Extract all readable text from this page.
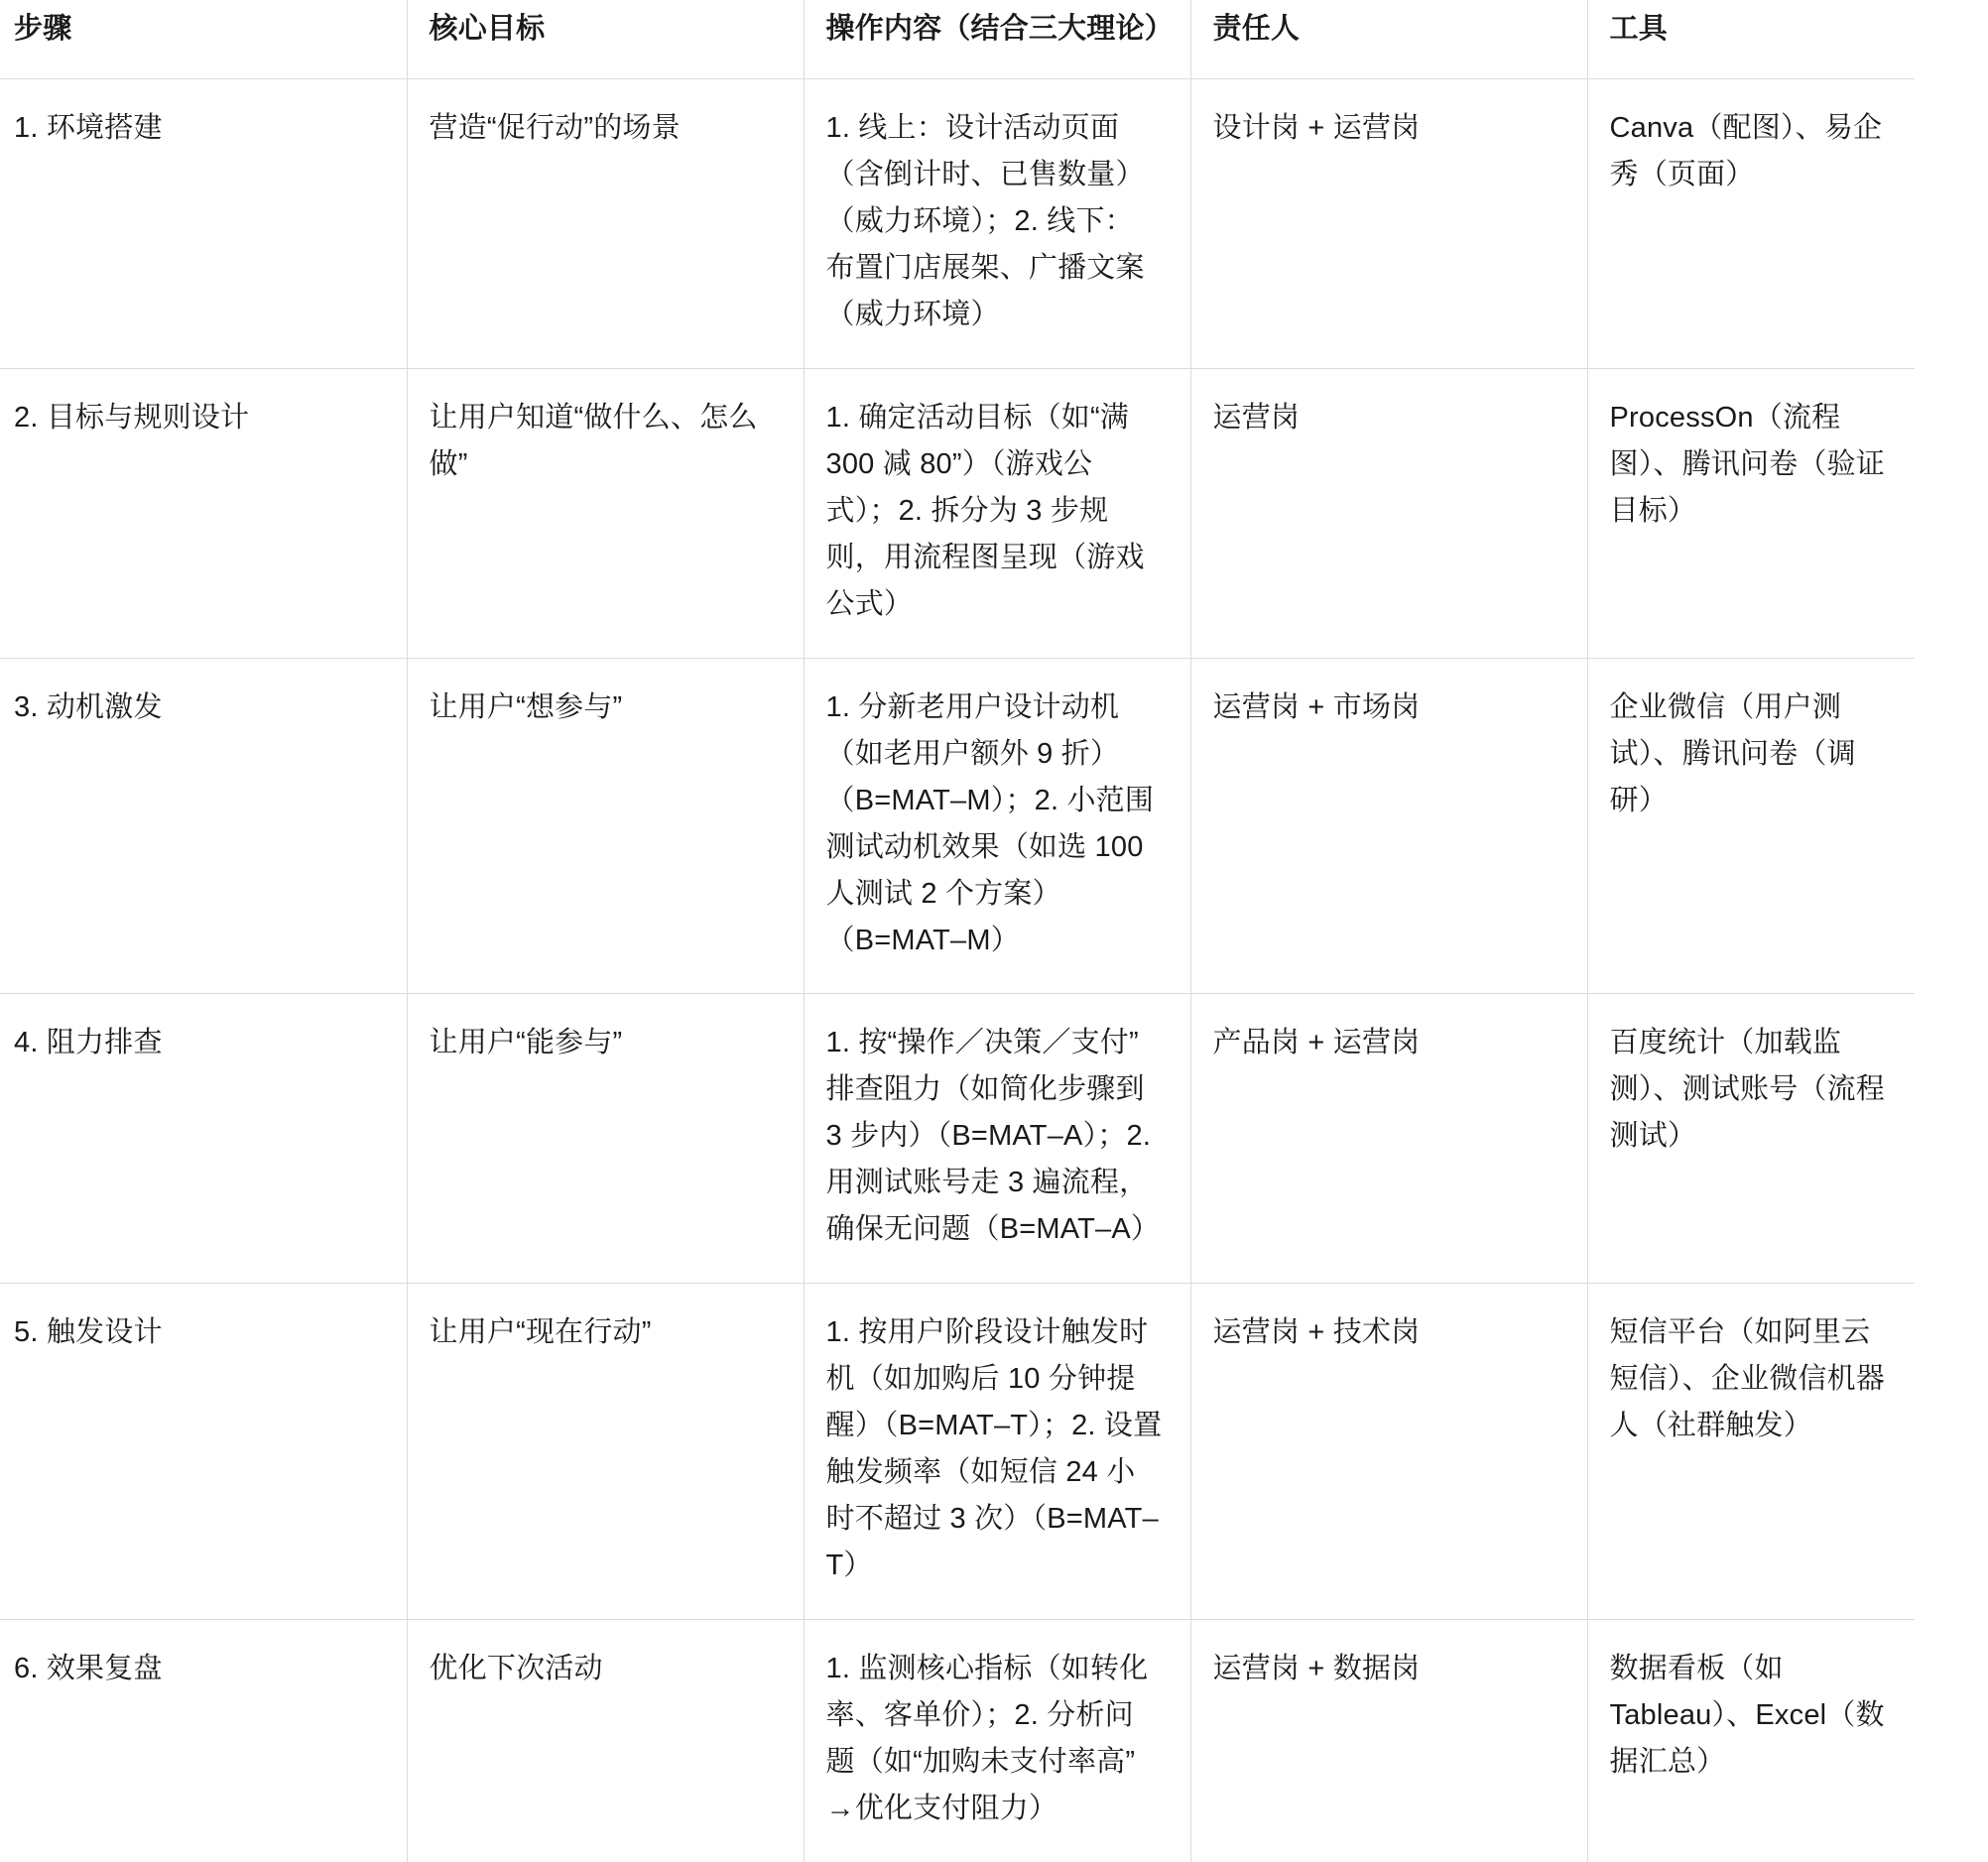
步骤	核心目标	操作内容（结合三大理论）	责任人	工具
1. 环境搭建	营造“促行动”的场景	1. 线上：设计活动页面（含倒计时、已售数量）（威力环境）；2. 线下：布置门店展架、广播文案（威力环境）	设计岗 + 运营岗	Canva（配图）、易企秀（页面）
2. 目标与规则设计	让用户知道“做什么、怎么做”	1. 确定活动目标（如“满 300 减 80”）（游戏公式）；2. 拆分为 3 步规则，用流程图呈现（游戏公式）	运营岗	ProcessOn（流程图）、腾讯问卷（验证目标）
3. 动机激发	让用户“想参与”	1. 分新老用户设计动机（如老用户额外 9 折）（B=MAT–M）；2. 小范围测试动机效果（如选 100 人测试 2 个方案）（B=MAT–M）	运营岗 + 市场岗	企业微信（用户测试）、腾讯问卷（调研）
4. 阻力排查	让用户“能参与”	1. 按“操作／决策／支付”排查阻力（如简化步骤到 3 步内）（B=MAT–A）；2. 用测试账号走 3 遍流程，确保无问题（B=MAT–A）	产品岗 + 运营岗	百度统计（加载监测）、测试账号（流程测试）
5. 触发设计	让用户“现在行动”	1. 按用户阶段设计触发时机（如加购后 10 分钟提醒）（B=MAT–T）；2. 设置触发频率（如短信 24 小时不超过 3 次）（B=MAT–T）	运营岗 + 技术岗	短信平台（如阿里云短信）、企业微信机器人（社群触发）
6. 效果复盘	优化下次活动	1. 监测核心指标（如转化率、客单价）；2. 分析问题（如“加购未支付率高”→优化支付阻力）	运营岗 + 数据岗	数据看板（如 Tableau）、Excel（数据汇总）
